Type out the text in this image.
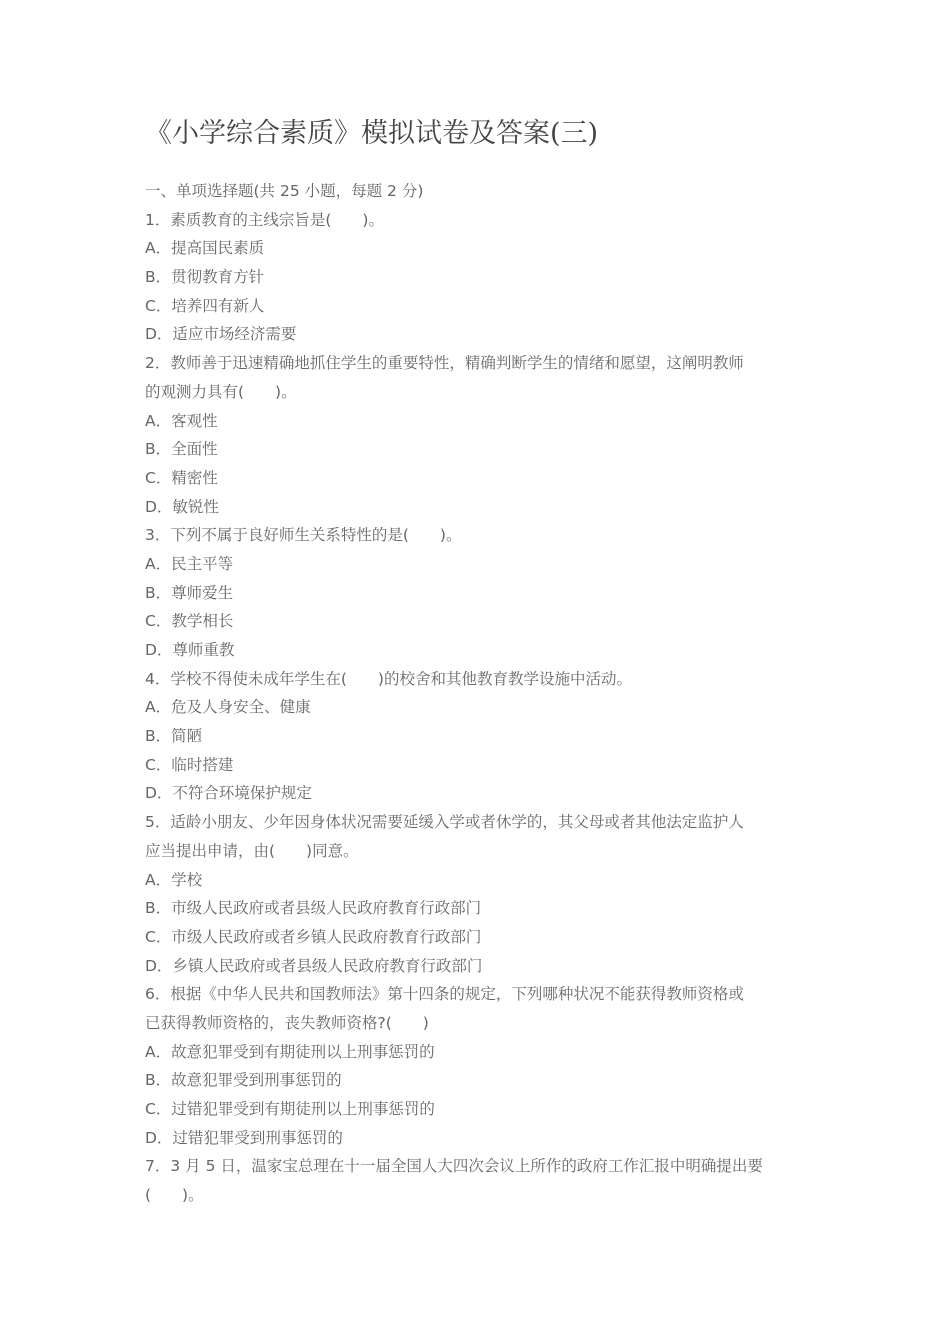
《小学综合素质》模拟试卷及答案(三)
一、单项选择题(共 25 小题，每题 2 分)
1．素质教育的主线宗旨是(　　)。
A．提高国民素质
B．贯彻教育方针
C．培养四有新人
D．适应市场经济需要
2．教师善于迅速精确地抓住学生的重要特性，精确判断学生的情绪和愿望，这阐明教师
的观测力具有(　　)。
A．客观性
B．全面性
C．精密性
D．敏锐性
3．下列不属于良好师生关系特性的是(　　)。
A．民主平等
B．尊师爱生
C．教学相长
D．尊师重教
4．学校不得使未成年学生在(　　)的校舍和其他教育教学设施中活动。
A．危及人身安全、健康
B．简陋
C．临时搭建
D．不符合环境保护规定
5．适龄小朋友、少年因身体状况需要延缓入学或者休学的，其父母或者其他法定监护人
应当提出申请，由(　　)同意。
A．学校
B．市级人民政府或者县级人民政府教育行政部门
C．市级人民政府或者乡镇人民政府教育行政部门
D．乡镇人民政府或者县级人民政府教育行政部门
6．根据《中华人民共和国教师法》第十四条的规定，下列哪种状况不能获得教师资格或
已获得教师资格的，丧失教师资格?(　　)
A．故意犯罪受到有期徒刑以上刑事惩罚的
B．故意犯罪受到刑事惩罚的
C．过错犯罪受到有期徒刑以上刑事惩罚的
D．过错犯罪受到刑事惩罚的
7．3 月 5 日，温家宝总理在十一届全国人大四次会议上所作的政府工作汇报中明确提出要
(　　)。
